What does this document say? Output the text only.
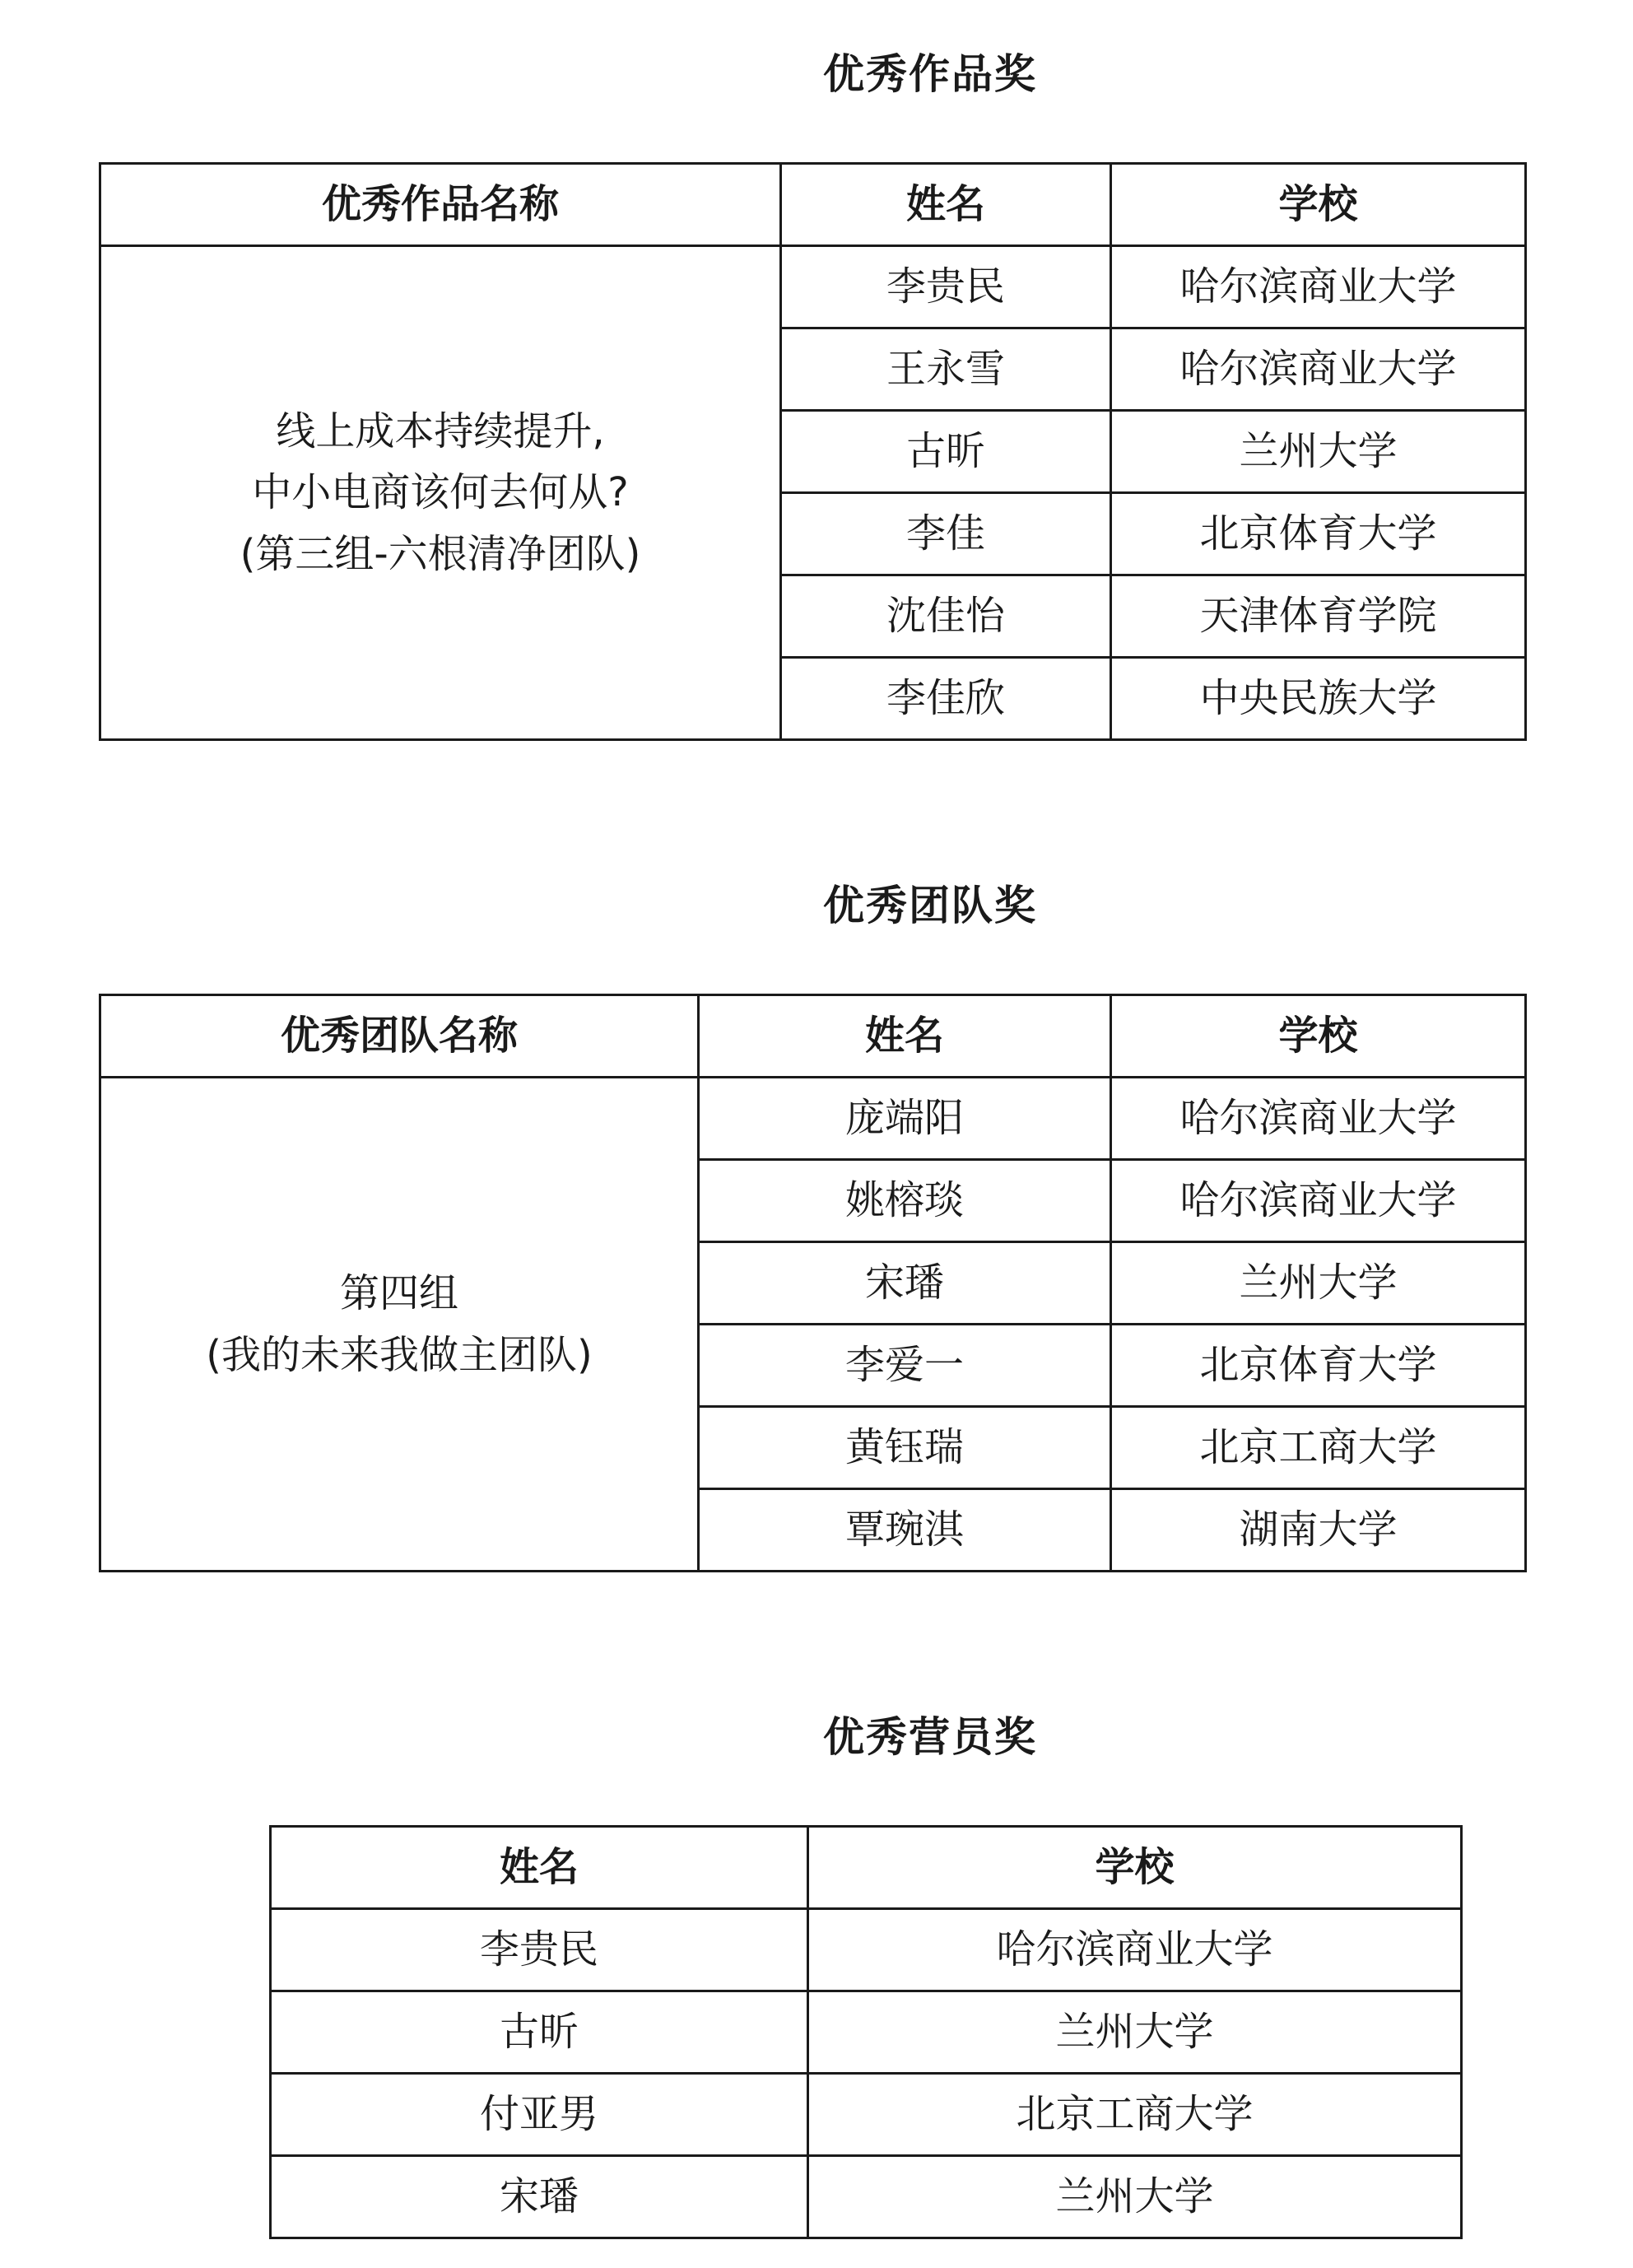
优秀作品奖
优秀作品名称	姓名	学校

线上成本持续提升,
中小电商该何去何从?
(第三组-六根清净团队)	李贵民	哈尔滨商业大学
	王永雪	哈尔滨商业大学
	古昕	兰州大学
	李佳	北京体育大学
	沈佳怡	天津体育学院
	李佳欣	中央民族大学
优秀团队奖
优秀团队名称	姓名	学校

第四组
(我的未来我做主团队)	庞端阳	哈尔滨商业大学
	姚榕琰	哈尔滨商业大学
	宋璠	兰州大学
	李爱一	北京体育大学
	黄钰瑞	北京工商大学
	覃琬淇	湖南大学
优秀营员奖
姓名	学校
李贵民	哈尔滨商业大学
古昕	兰州大学
付亚男	北京工商大学
宋璠	兰州大学
